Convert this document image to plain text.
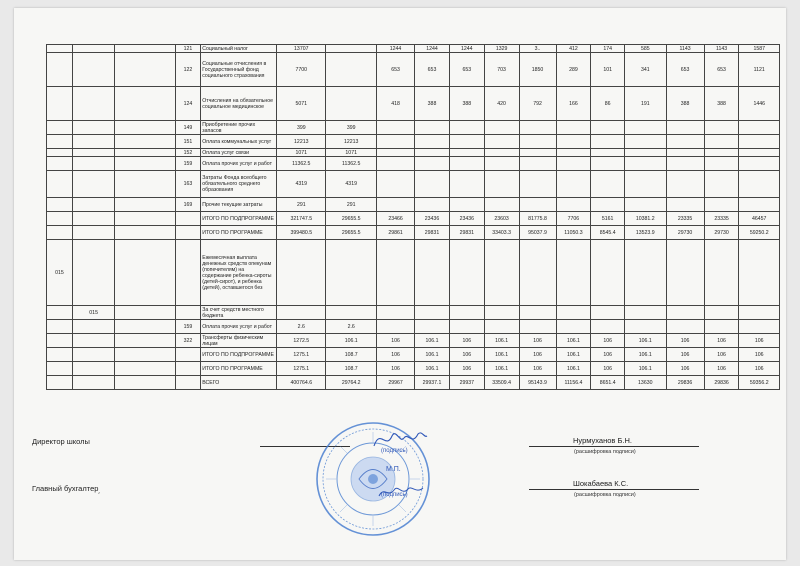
			121	Социальный налог	13707		1244	1244	1244	1329	3..	412	174	585	1143	1143	1587
			122	Социальные отчисления в Государственный фонд социального страхования	7700		653	653	653	703	1850	289	101	341	653	653	1121
			124	Отчисления на обязательное социальное медицинское	5071		418	388	388	420	792	166	86	191	388	388	1446
			149	Приобретение прочих запасов	399	399											
			151	Оплата коммунальных услуг	12213	12213											
			152	Оплата услуг связи	1071	1071											
			159	Оплата прочих услуг и работ	11362.5	11362.5											
			163	Затраты Фонда всеобщего обязательного среднего образования	4319	4319											
			169	Прочие текущие затраты	291	291											
				ИТОГО ПО ПОДПРОГРАММЕ	321747.5	29655.5	23466	23436	23436	23603	81775.8	7706	5161	10381.2	23335	23335	46457
				ИТОГО ПО ПРОГРАММЕ	399480.5	29655.5	29861	29831	29831	33403.3	95037.9	11050.3	8545.4	13523.9	29730	29730	59250.2
015				Ежемесячная выплата денежных средств опекунам (попечителям) на содержание ребенка-сироты (детей-сирот), и ребенка (детей), оставшегося без													
	015			За счет средств местного бюджета													
			159	Оплата прочих услуг и работ	2.6	2.6											
			322	Трансферты физическим лицам	1272.5	106.1	106	106.1	106	106.1	106	106.1	106	106.1	106	106	106
				ИТОГО ПО ПОДПРОГРАММЕ	1275.1	108.7	106	106.1	106	106.1	106	106.1	106	106.1	106	106	106
				ИТОГО ПО ПРОГРАММЕ	1275.1	108.7	106	106.1	106	106.1	106	106.1	106	106.1	106	106	106
				ВСЕГО	400764.6	29764.2	29967	29937.1	29937	33509.4	95143.9	11156.4	8651.4	13630	29836	29836	59356.2
Директор школы	Нурмуханов Б.Н.
(расшифровка подписи)
Главный бухгалтер
׳
Шокабаева К.С.
(расшифровка подписи)
(подпись)
М.П.
(подпись)
